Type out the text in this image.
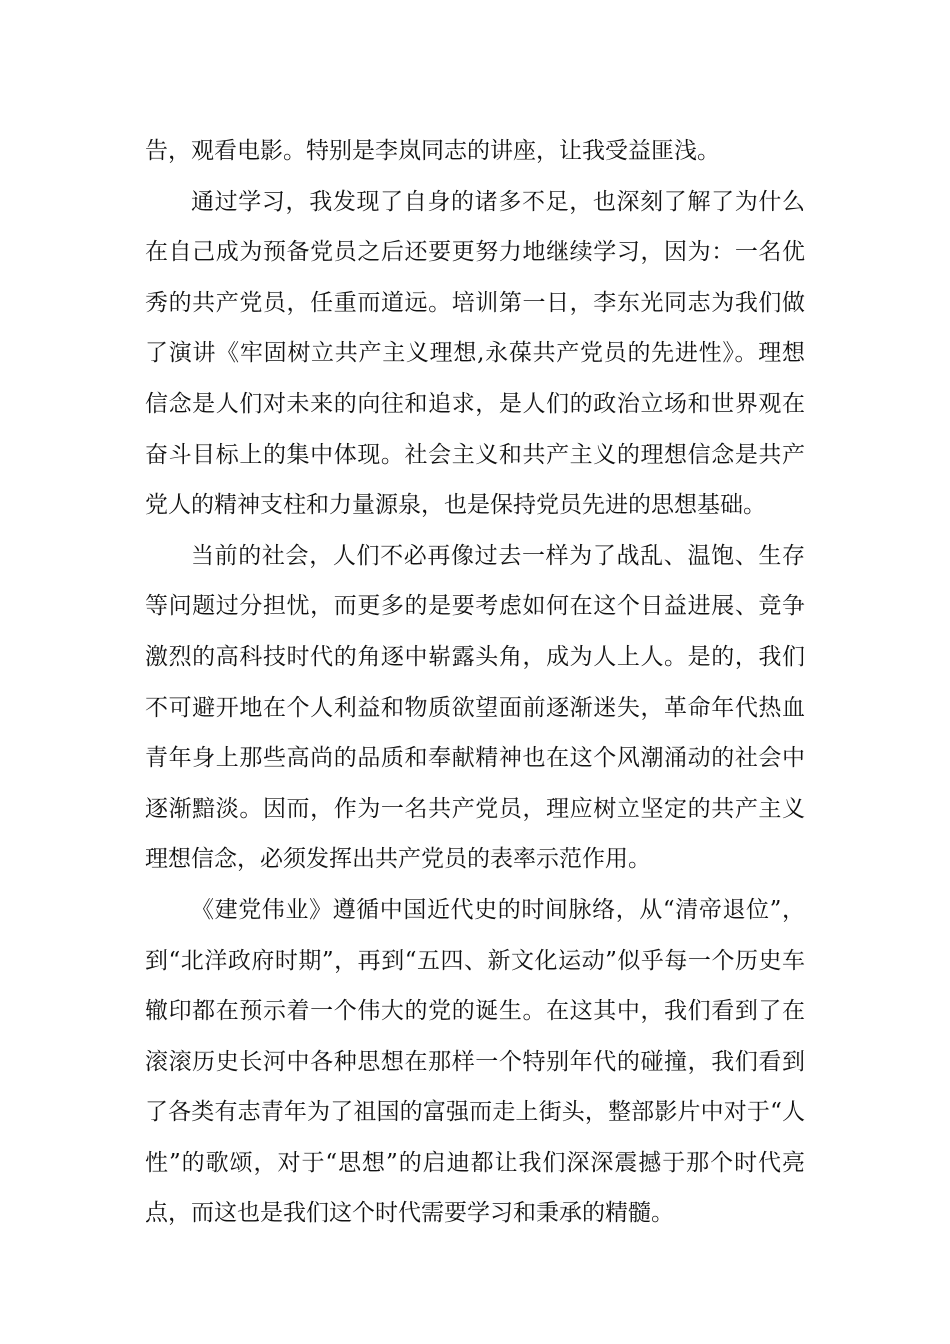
告，观看电影。特别是李岚同志的讲座，让我受益匪浅。

通过学习，我发现了自身的诸多不足，也深刻了解了为什么在自己成为预备党员之后还要更努力地继续学习，因为：一名优秀的共产党员，任重而道远。培训第一日，李东光同志为我们做了演讲《牢固树立共产主义理想,永葆共产党员的先进性》。理想信念是人们对未来的向往和追求，是人们的政治立场和世界观在奋斗目标上的集中体现。社会主义和共产主义的理想信念是共产党人的精神支柱和力量源泉，也是保持党员先进的思想基础。

当前的社会，人们不必再像过去一样为了战乱、温饱、生存等问题过分担忧，而更多的是要考虑如何在这个日益进展、竞争激烈的高科技时代的角逐中崭露头角，成为人上人。是的，我们不可避开地在个人利益和物质欲望面前逐渐迷失，革命年代热血青年身上那些高尚的品质和奉献精神也在这个风潮涌动的社会中逐渐黯淡。因而，作为一名共产党员，理应树立坚定的共产主义理想信念，必须发挥出共产党员的表率示范作用。

《建党伟业》遵循中国近代史的时间脉络，从“清帝退位”，到“北洋政府时期”，再到“五四、新文化运动”似乎每一个历史车辙印都在预示着一个伟大的党的诞生。在这其中，我们看到了在滚滚历史长河中各种思想在那样一个特别年代的碰撞，我们看到了各类有志青年为了祖国的富强而走上街头，整部影片中对于“人性”的歌颂，对于“思想”的启迪都让我们深深震撼于那个时代亮点，而这也是我们这个时代需要学习和秉承的精髓。
